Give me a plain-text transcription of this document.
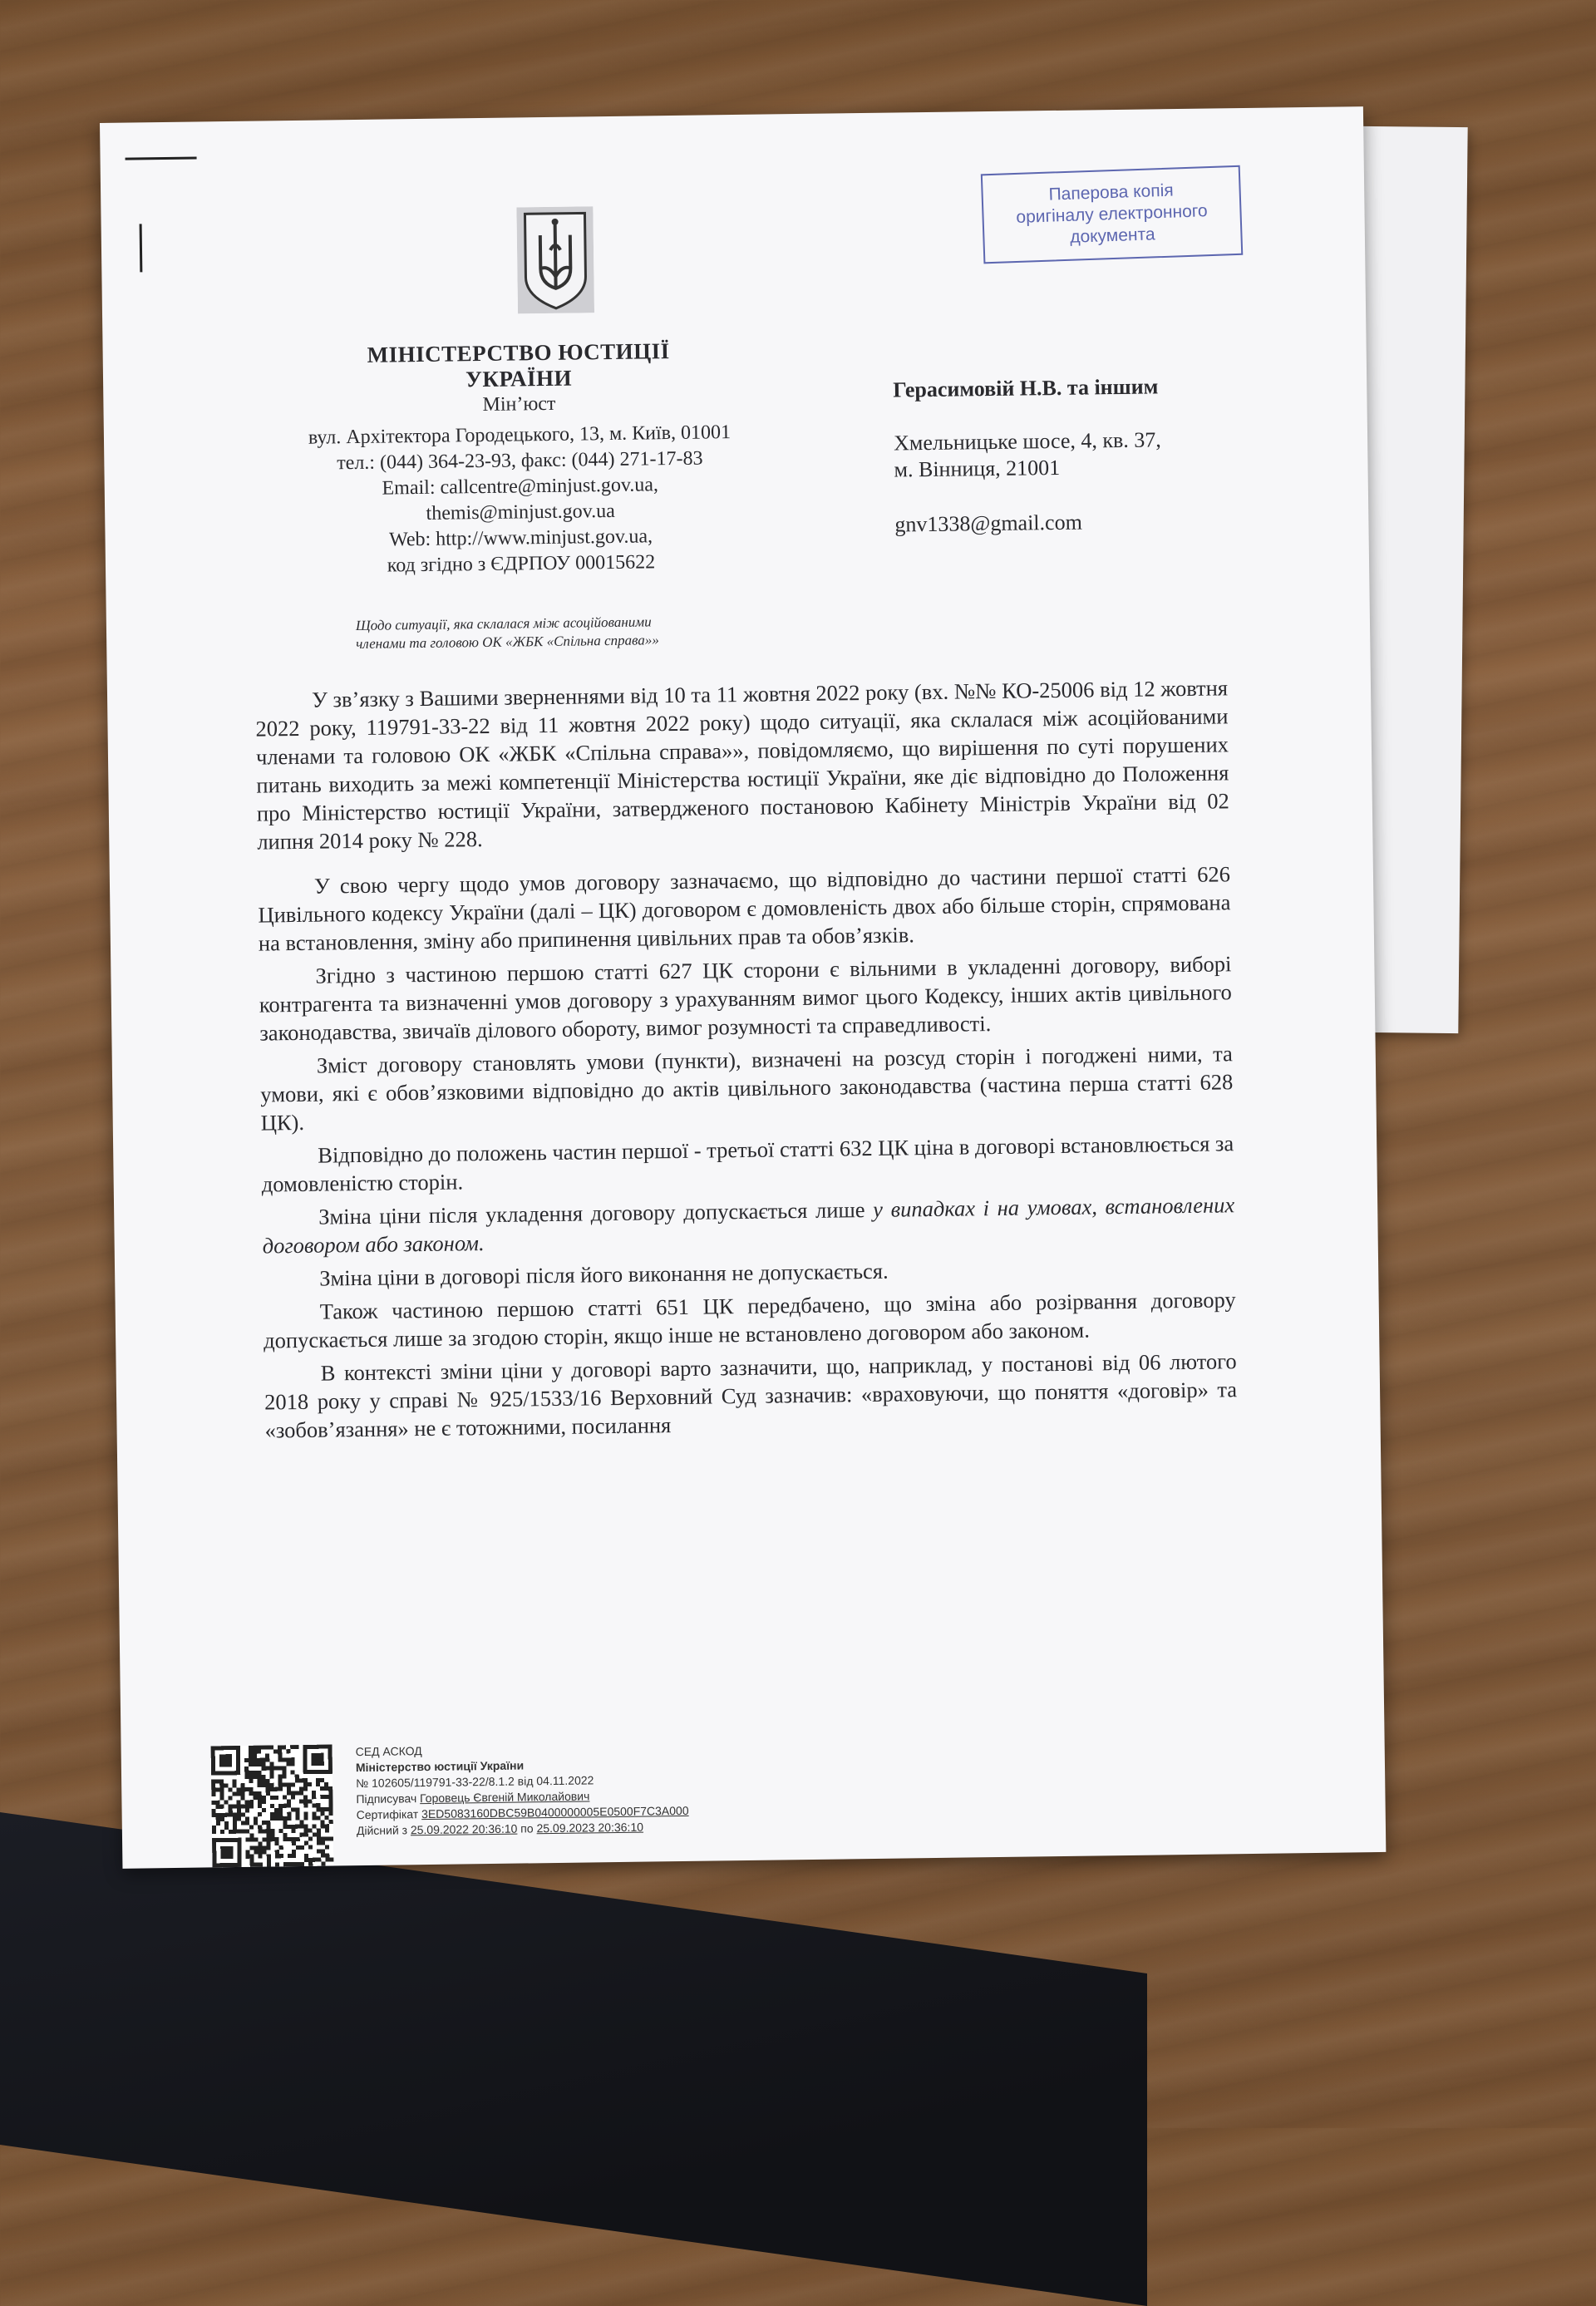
Паперова копія
оригіналу електронного
документа
МІНІСТЕРСТВО ЮСТИЦІЇ
УКРАЇНИ
Мін’юст
вул. Архітектора Городецького, 13, м. Київ, 01001
тел.: (044) 364-23-93, факс: (044) 271-17-83
Email: callcentre@minjust.gov.ua,
themis@minjust.gov.ua
Web: http://www.minjust.gov.ua,
код згідно з ЄДРПОУ 00015622
Герасимовій Н.В. та іншим
Хмельницьке шосе, 4, кв. 37,
м. Вінниця, 21001
gnv1338@gmail.com
Щодо ситуації, яка склалася між асоційованими
членами та головою ОК «ЖБК «Спільна справа»»

У зв’язку з Вашими зверненнями від 10 та 11 жовтня 2022 року (вх. №№ КО-25006 від 12 жовтня 2022 року, 119791-33-22 від 11 жовтня 2022 року) щодо ситуації, яка склалася між асоційованими членами та головою ОК «ЖБК «Спільна справа»», повідомляємо, що вирішення по суті порушених питань виходить за межі компетенції Міністерства юстиції України, яке діє відповідно до Положення про Міністерство юстиції України, затвердженого постановою Кабінету Міністрів України від 02 липня 2014 року № 228.

У свою чергу щодо умов договору зазначаємо, що відповідно до частини першої статті 626 Цивільного кодексу України (далі – ЦК) договором є домовленість двох або більше сторін, спрямована на встановлення, зміну або припинення цивільних прав та обов’язків.

Згідно з частиною першою статті 627 ЦК сторони є вільними в укладенні договору, виборі контрагента та визначенні умов договору з урахуванням вимог цього Кодексу, інших актів цивільного законодавства, звичаїв ділового обороту, вимог розумності та справедливості.

Зміст договору становлять умови (пункти), визначені на розсуд сторін і погоджені ними, та умови, які є обов’язковими відповідно до актів цивільного законодавства (частина перша статті 628 ЦК).

Відповідно до положень частин першої - третьої статті 632 ЦК ціна в договорі встановлюється за домовленістю сторін.

Зміна ціни після укладення договору допускається лише у випадках і на умовах, встановлених договором або законом.

Зміна ціни в договорі після його виконання не допускається.

Також частиною першою статті 651 ЦК передбачено, що зміна або розірвання договору допускається лише за згодою сторін, якщо інше не встановлено договором або законом.

В контексті зміни ціни у договорі варто зазначити, що, наприклад, у постанові від 06 лютого 2018 року у справі № 925/1533/16 Верховний Суд зазначив: «враховуючи, що поняття «договір» та «зобов’язання» не є тотожними, посилання

СЕД АСКОД
Міністерство юстиції України
№ 102605/119791-33-22/8.1.2 від 04.11.2022
Підписувач Горовець Євгеній Миколайович
Сертифікат 3ED5083160DBC59B0400000005E0500F7C3A000
Дійсний з 25.09.2022 20:36:10 по 25.09.2023 20:36:10
